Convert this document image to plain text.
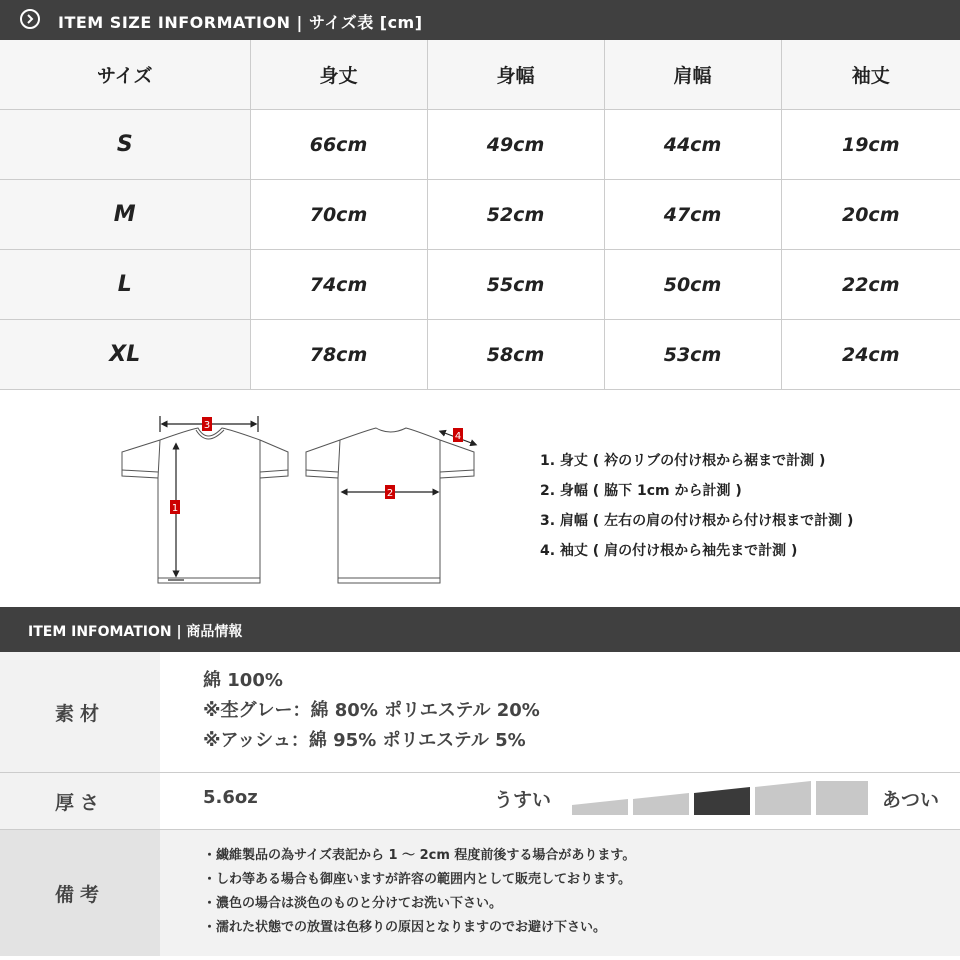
ITEM SIZE INFORMATION | サイズ表 [cm]
サイズ	身丈	身幅	肩幅	袖丈
S	66cm	49cm	44cm	19cm
M	70cm	52cm	47cm	20cm
L	74cm	55cm	50cm	22cm
XL	78cm	58cm	53cm	24cm
1
2
3
4
1. 身丈 ( 衿のリブの付け根から裾まで計測 )
2. 身幅 ( 脇下 1cm から計測 )
3. 肩幅 ( 左右の肩の付け根から付け根まで計測 )
4. 袖丈 ( 肩の付け根から袖先まで計測 )
ITEM INFOMATION | 商品情報
素材
綿 100%
※杢グレー：綿 80% ポリエステル 20%
※アッシュ：綿 95% ポリエステル 5%
厚さ	5.6oz	うすい	あつい
備考
・繊維製品の為サイズ表記から 1 ～ 2cm 程度前後する場合があります。
・しわ等ある場合も御座いますが許容の範囲内として販売しております。
・濃色の場合は淡色のものと分けてお洗い下さい。
・濡れた状態での放置は色移りの原因となりますのでお避け下さい。
